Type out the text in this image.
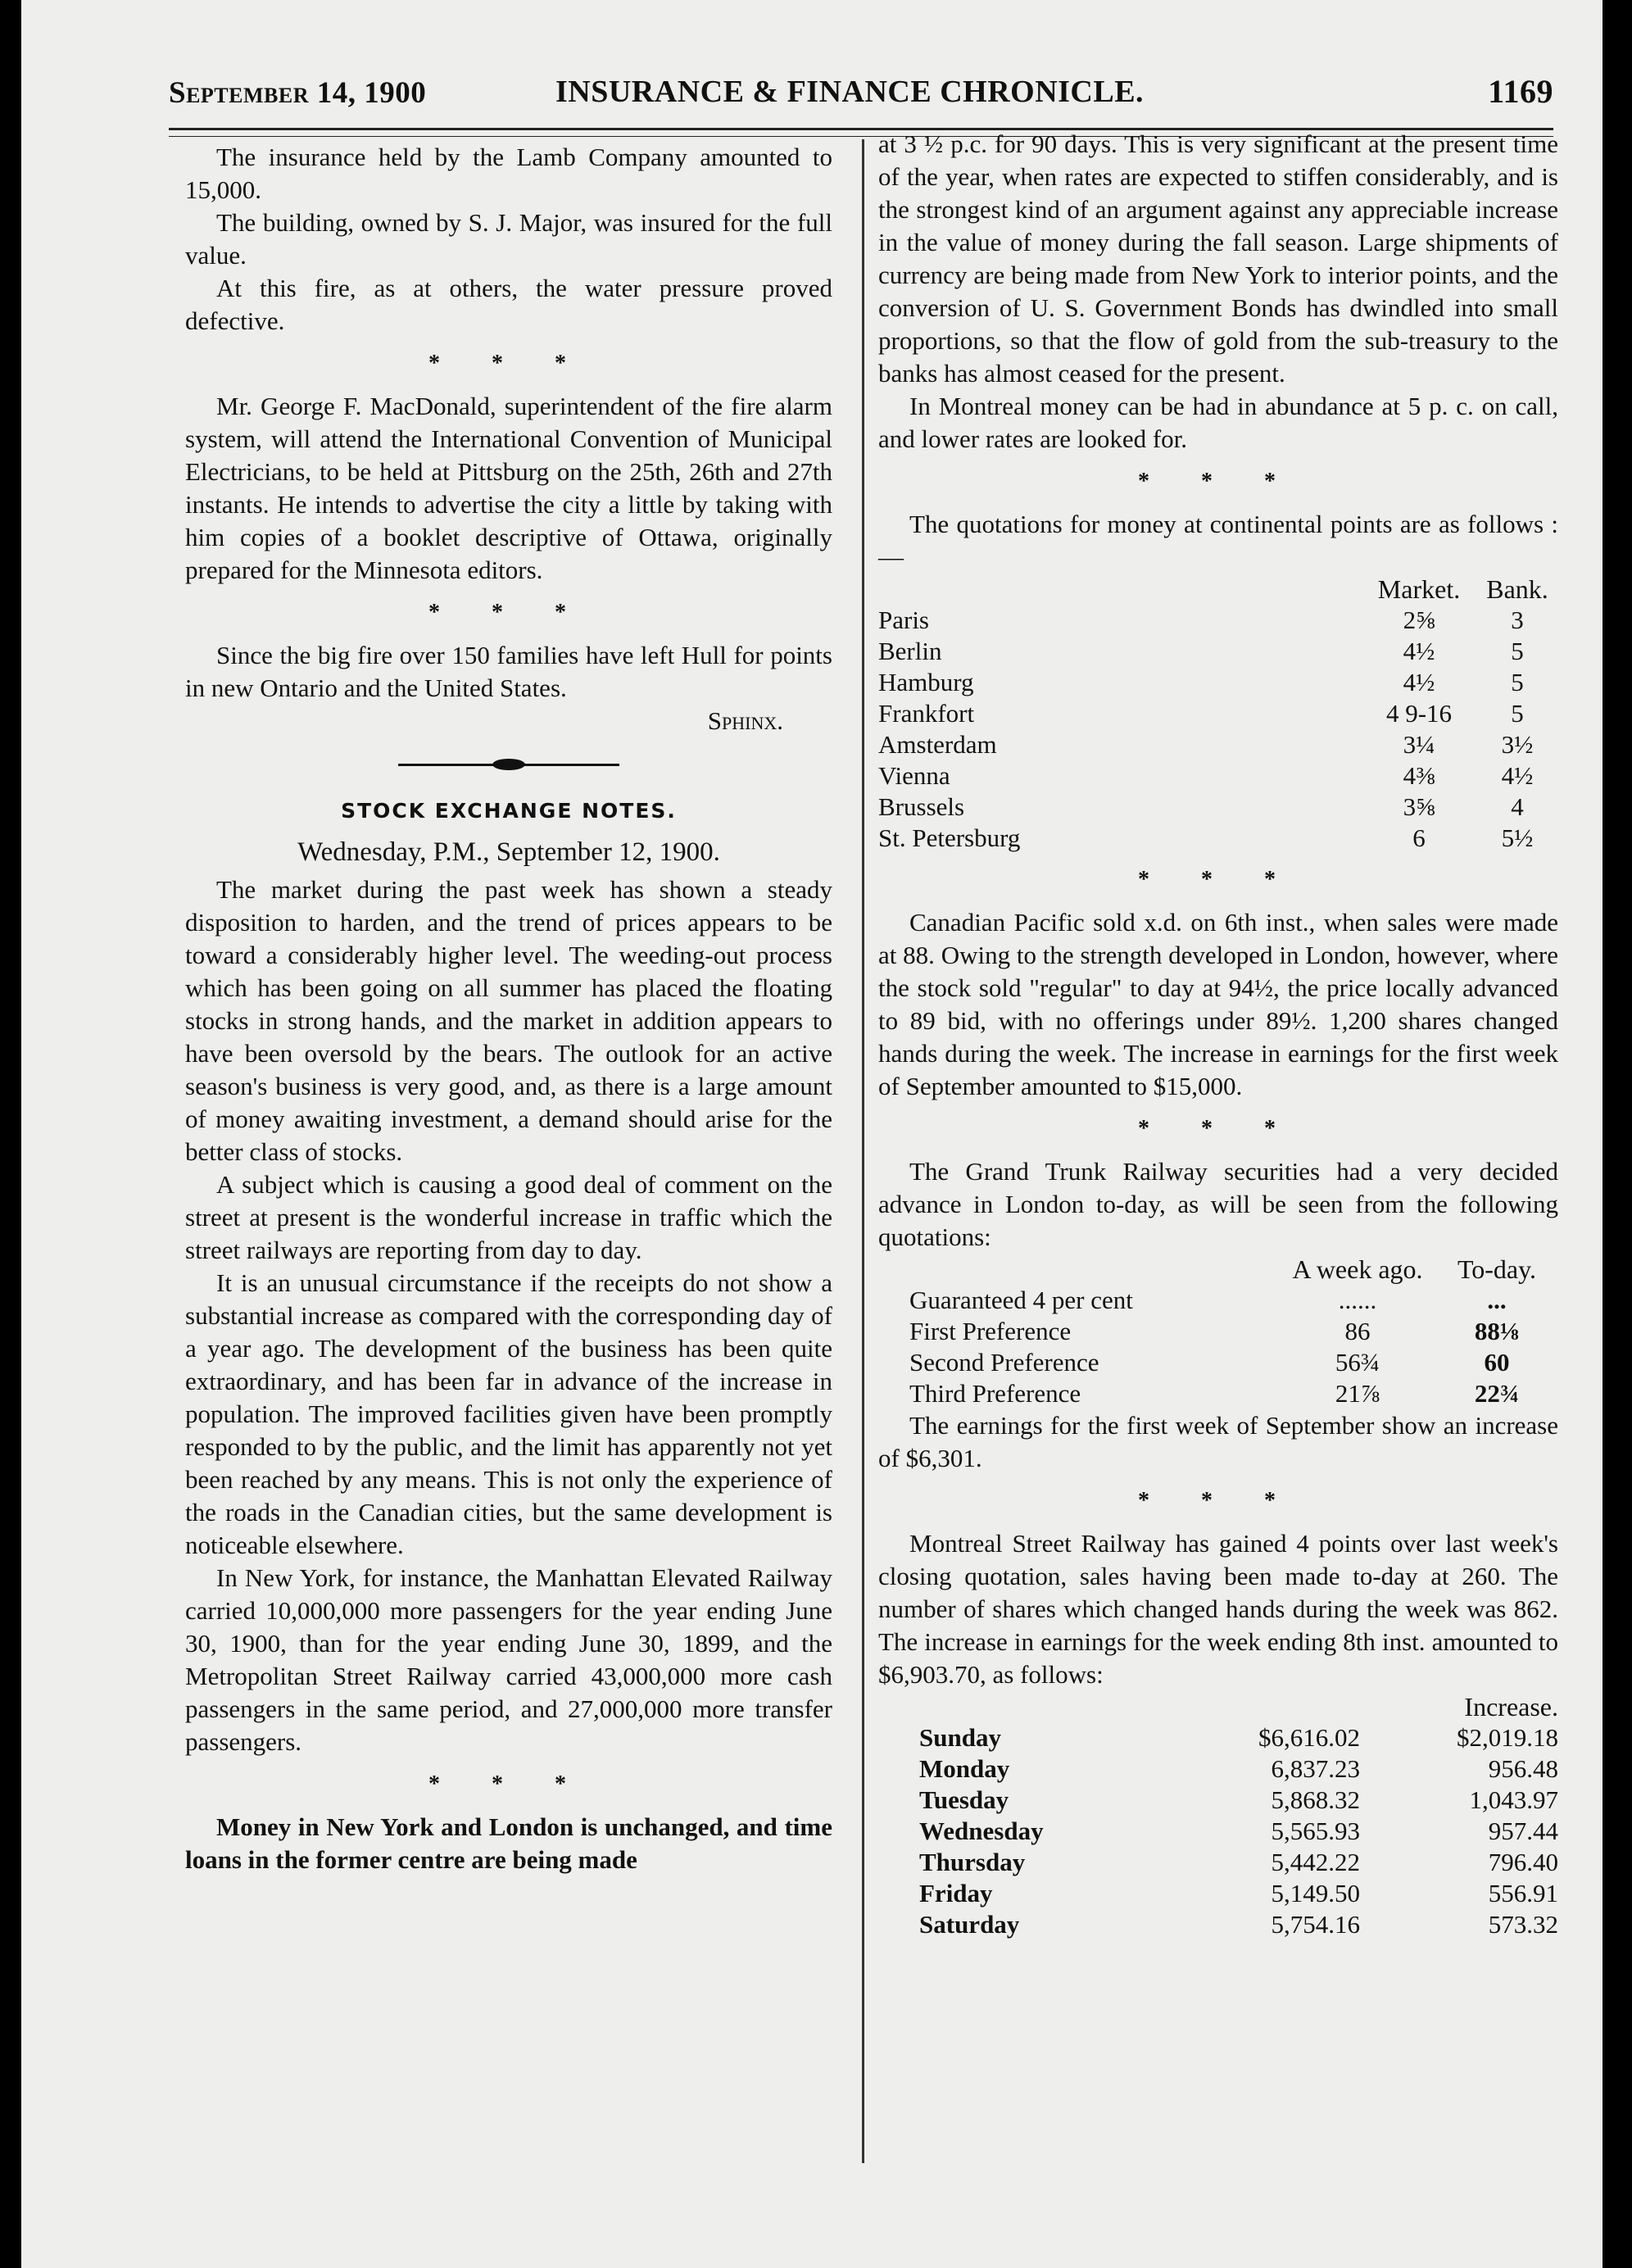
September 14, 1900	INSURANCE & FINANCE CHRONICLE.	1169

The insurance held by the Lamb Company amounted to 15,000.

The building, owned by S. J. Major, was insured for the full value.

At this fire, as at others, the water pressure proved defective.

* * *

Mr. George F. MacDonald, superintendent of the fire alarm system, will attend the International Convention of Municipal Electricians, to be held at Pittsburg on the 25th, 26th and 27th instants. He intends to advertise the city a little by taking with him copies of a booklet descriptive of Ottawa, originally prepared for the Minnesota editors.

* * *

Since the big fire over 150 families have left Hull for points in new Ontario and the United States.

Sphinx.

STOCK EXCHANGE NOTES.

Wednesday, P.M., September 12, 1900.

The market during the past week has shown a steady disposition to harden, and the trend of prices appears to be toward a considerably higher level. The weeding-out process which has been going on all summer has placed the floating stocks in strong hands, and the market in addition appears to have been oversold by the bears. The outlook for an active season's business is very good, and, as there is a large amount of money awaiting investment, a demand should arise for the better class of stocks.

A subject which is causing a good deal of comment on the street at present is the wonderful increase in traffic which the street railways are reporting from day to day.

It is an unusual circumstance if the receipts do not show a substantial increase as compared with the corresponding day of a year ago. The development of the business has been quite extraordinary, and has been far in advance of the increase in population. The improved facilities given have been promptly responded to by the public, and the limit has apparently not yet been reached by any means. This is not only the experience of the roads in the Canadian cities, but the same development is noticeable elsewhere.

In New York, for instance, the Manhattan Elevated Railway carried 10,000,000 more passengers for the year ending June 30, 1900, than for the year ending June 30, 1899, and the Metropolitan Street Railway carried 43,000,000 more cash passengers in the same period, and 27,000,000 more transfer passengers.

* * *

Money in New York and London is unchanged, and time loans in the former centre are being made

at 3 ½ p.c. for 90 days. This is very significant at the present time of the year, when rates are expected to stiffen considerably, and is the strongest kind of an argument against any appreciable increase in the value of money during the fall season. Large shipments of currency are being made from New York to interior points, and the conversion of U. S. Government Bonds has dwindled into small proportions, so that the flow of gold from the sub-treasury to the banks has almost ceased for the present.

In Montreal money can be had in abundance at 5 p. c. on call, and lower rates are looked for.

* * *

The quotations for money at continental points are as follows :—

	Market.	Bank.
Paris	2⅝	3
Berlin	4½	5
Hamburg	4½	5
Frankfort	4 9-16	5
Amsterdam	3¼	3½
Vienna	4⅜	4½
Brussels	3⅝	4
St. Petersburg	6	5½

* * *

Canadian Pacific sold x.d. on 6th inst., when sales were made at 88. Owing to the strength developed in London, however, where the stock sold "regular" to day at 94½, the price locally advanced to 89 bid, with no offerings under 89½. 1,200 shares changed hands during the week. The increase in earnings for the first week of September amounted to $15,000.

* * *

The Grand Trunk Railway securities had a very decided advance in London to-day, as will be seen from the following quotations:

	A week ago.	To-day.
Guaranteed 4 per cent	......	...
First Preference	86	88⅛
Second Preference	56¾	60
Third Preference	21⅞	22¾

The earnings for the first week of September show an increase of $6,301.

* * *

Montreal Street Railway has gained 4 points over last week's closing quotation, sales having been made to-day at 260. The number of shares which changed hands during the week was 862. The increase in earnings for the week ending 8th inst. amounted to $6,903.70, as follows:

		Increase.
Sunday	$6,616.02	$2,019.18
Monday	6,837.23	956.48
Tuesday	5,868.32	1,043.97
Wednesday	5,565.93	957.44
Thursday	5,442.22	796.40
Friday	5,149.50	556.91
Saturday	5,754.16	573.32
